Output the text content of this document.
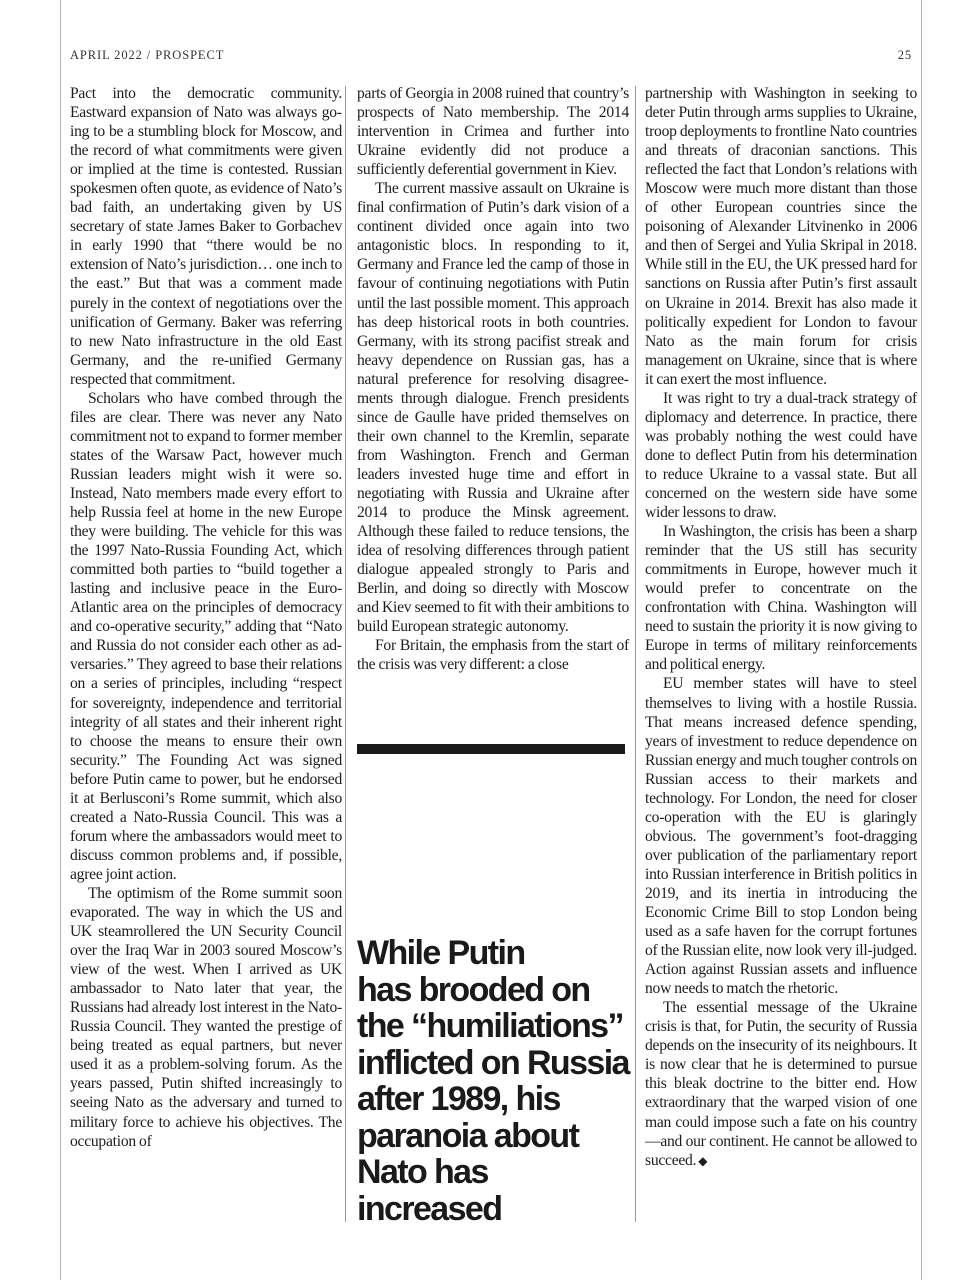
APRIL 2022 / PROSPECT	25

Pact into the democratic community. Eastward expansion of Nato was always going to be a stumbling block for Moscow, and the record of what commitments were given or implied at the time is contested. Russian spokesmen often quote, as evidence of Nato’s bad faith, an undertaking given by US secretary of state James Baker to Gorbachev in early 1990 that “there would be no extension of Nato’s jurisdiction… one inch to the east.” But that was a comment made purely in the context of negotiations over the unification of Germany. Baker was referring to new Nato infrastructure in the old East Germany, and the re-unified Germany respected that commitment.

Scholars who have combed through the files are clear. There was never any Nato commitment not to expand to former member states of the Warsaw Pact, however much Russian leaders might wish it were so. Instead, Nato members made every effort to help Russia feel at home in the new Europe they were building. The vehicle for this was the 1997 Nato-Russia Founding Act, which committed both parties to “build together a lasting and inclusive peace in the Euro-Atlantic area on the principles of democracy and co-operative security,” adding that “Nato and Russia do not consider each other as adversaries.” They agreed to base their relations on a series of principles, including “respect for sovereignty, independence and territorial integrity of all states and their inherent right to choose the means to ensure their own security.” The Founding Act was signed before Putin came to power, but he endorsed it at Berlusconi’s Rome summit, which also created a Nato-Russia Council. This was a forum where the ambassadors would meet to discuss common problems and, if possible, agree joint action.

The optimism of the Rome summit soon evaporated. The way in which the US and UK steamrollered the UN Security Council over the Iraq War in 2003 soured Moscow’s view of the west. When I arrived as UK ambassador to Nato later that year, the Russians had already lost interest in the Nato-Russia Council. They wanted the prestige of being treated as equal partners, but never used it as a problem-solving forum. As the years passed, Putin shifted increasingly to seeing Nato as the adversary and turned to military force to achieve his objectives. The occupation of

parts of Georgia in 2008 ruined that country’s prospects of Nato membership. The 2014 intervention in Crimea and further into Ukraine evidently did not produce a sufficiently deferential government in Kiev.

The current massive assault on Ukraine is final confirmation of Putin’s dark vision of a continent divided once again into two antagonistic blocs. In responding to it, Germany and France led the camp of those in favour of continuing negotiations with Putin until the last possible moment. This approach has deep historical roots in both countries. Germany, with its strong pacifist streak and heavy dependence on Russian gas, has a natural preference for resolving disagreements through dialogue. French presidents since de Gaulle have prided themselves on their own channel to the Kremlin, separate from Washington. French and German leaders invested huge time and effort in negotiating with Russia and Ukraine after 2014 to produce the Minsk agreement. Although these failed to reduce tensions, the idea of resolving differences through patient dialogue appealed strongly to Paris and Berlin, and doing so directly with Moscow and Kiev seemed to fit with their ambitions to build European strategic autonomy.

For Britain, the emphasis from the start of the crisis was very different: a close

While Putin
has brooded on
the “humiliations”
inflicted on Russia
after 1989, his
paranoia about
Nato has
increased

partnership with Washington in seeking to deter Putin through arms supplies to Ukraine, troop deployments to frontline Nato countries and threats of draconian sanctions. This reflected the fact that London’s relations with Moscow were much more distant than those of other European countries since the poisoning of Alexander Litvinenko in 2006 and then of Sergei and Yulia Skripal in 2018. While still in the EU, the UK pressed hard for sanctions on Russia after Putin’s first assault on Ukraine in 2014. Brexit has also made it politically expedient for London to favour Nato as the main forum for crisis management on Ukraine, since that is where it can exert the most influence.

It was right to try a dual-track strategy of diplomacy and deterrence. In practice, there was probably nothing the west could have done to deflect Putin from his determination to reduce Ukraine to a vassal state. But all concerned on the western side have some wider lessons to draw.

In Washington, the crisis has been a sharp reminder that the US still has security commitments in Europe, however much it would prefer to concentrate on the confrontation with China. Washington will need to sustain the priority it is now giving to Europe in terms of military reinforcements and political energy.

EU member states will have to steel themselves to living with a hostile Russia. That means increased defence spending, years of investment to reduce dependence on Russian energy and much tougher controls on Russian access to their markets and technology. For London, the need for closer co-operation with the EU is glaringly obvious. The government’s foot-dragging over publication of the parliamentary report into Russian interference in British politics in 2019, and its inertia in introducing the Economic Crime Bill to stop London being used as a safe haven for the corrupt fortunes of the Russian elite, now look very ill-judged. Action against Russian assets and influence now needs to match the rhetoric.

The essential message of the Ukraine crisis is that, for Putin, the security of Russia depends on the insecurity of its neighbours. It is now clear that he is determined to pursue this bleak doctrine to the bitter end. How extraordinary that the warped vision of one man could impose such a fate on his country—and our continent. He cannot be allowed to succeed. ◆
